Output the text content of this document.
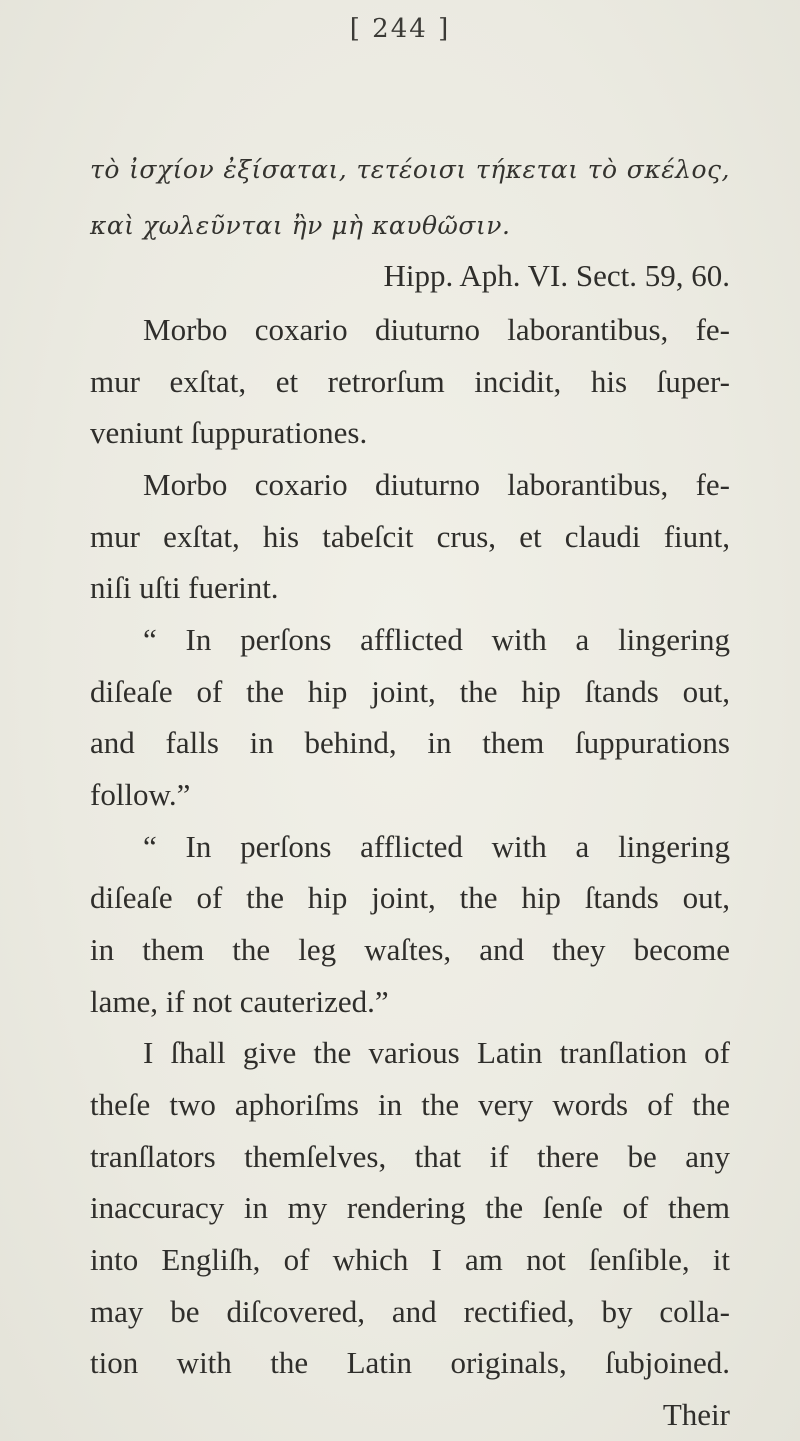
[ 244 ]
τὸ ἰσχίον ἐξίσαται, τετέοισι τήκεται τὸ σκέλος,
καὶ χωλεῦνται ἢν μὴ καυθῶσιν.
Hipp. Aph. VI. Sect. 59, 60.
Morbo coxario diuturno laborantibus, fe-
mur exſtat, et retrorſum incidit, his ſuper-
veniunt ſuppurationes.
Morbo coxario diuturno laborantibus, fe-
mur exſtat, his tabeſcit crus, et claudi fiunt,
niſi uſti fuerint.
“ In perſons afflicted with a lingering
diſeaſe of the hip joint, the hip ſtands out,
and falls in behind, in them ſuppurations
follow.”
“ In perſons afflicted with a lingering
diſeaſe of the hip joint, the hip ſtands out,
in them the leg waſtes, and they become
lame, if not cauterized.”
I ſhall give the various Latin tranſlation of
theſe two aphoriſms in the very words of the
tranſlators themſelves, that if there be any
inaccuracy in my rendering the ſenſe of them
into Engliſh, of which I am not ſenſible, it
may be diſcovered, and rectified, by colla-
tion with the Latin originals, ſubjoined.
Their
